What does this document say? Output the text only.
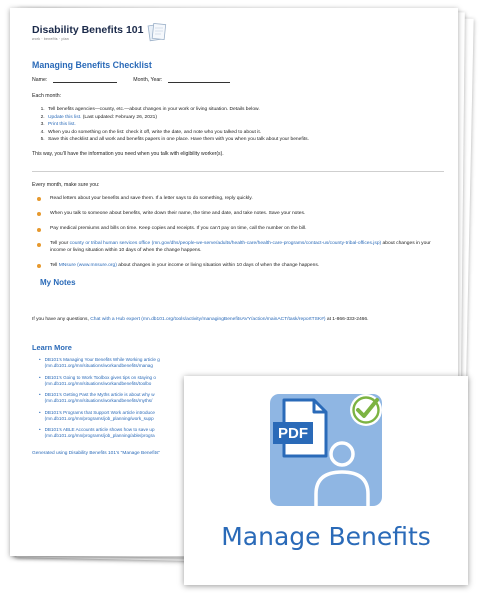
Disability Benefits 101
work · benefits · plan
Managing Benefits Checklist
Name:	Month, Year:
Each month:
1. Tell benefits agencies—county, etc.—about changes in your work or living situation. Details below.
2. Update this list. (Last updated: February 26, 2021)
3. Print this list.
4. When you do something on the list: check it off, write the date, and note who you talked to about it.
5. Save this checklist and all work and benefits papers in one place. Have them with you when you talk about your benefits.
This way, you'll have the information you need when you talk with eligibility worker(s).
Every month, make sure you:
Read letters about your benefits and save them. If a letter says to do something, reply quickly.
When you talk to someone about benefits, write down their name, the time and date, and take notes. Save your notes.
Pay medical premiums and bills on time. Keep copies and receipts. If you can't pay on time, call the number on the bill.
Tell your county or tribal human services office (mn.gov/dhs/people-we-serve/adults/health-care/health-care-programs/contact-us/county-tribal-offices.jsp) about changes in your income or living situation within 10 days of when the change happens.
Tell MNsure (www.mnsure.org) about changes in your income or living situation within 10 days of when the change happens.
My Notes
If you have any questions, Chat with a Hub expert (mn.db101.org/tools/activity/managingBenefitsAVY/action/mainACT/task/reportTSK#) at 1-866-333-2466.
Learn More
• DB101's Managing Your Benefits While Working article g
(mn.db101.org/mn/situations/workandbenefits/manag
• DB101's Going to Work Toolbox gives tips on staying o
(mn.db101.org/mn/situations/workandbenefits/toolbo
• DB101's Getting Past the Myths article is about why w
(mn.db101.org/mn/situations/workandbenefits/myths/
• DB101's Programs that Support Work article introduce
(mn.db101.org/mn/programs/job_planning/work_supp
• DB101's ABLE Accounts article shows how to save up
(mn.db101.org/mn/programs/job_planning/able/progra
Generated using Disability Benefits 101's "Manage Benefits"
PDF
Manage Benefits
